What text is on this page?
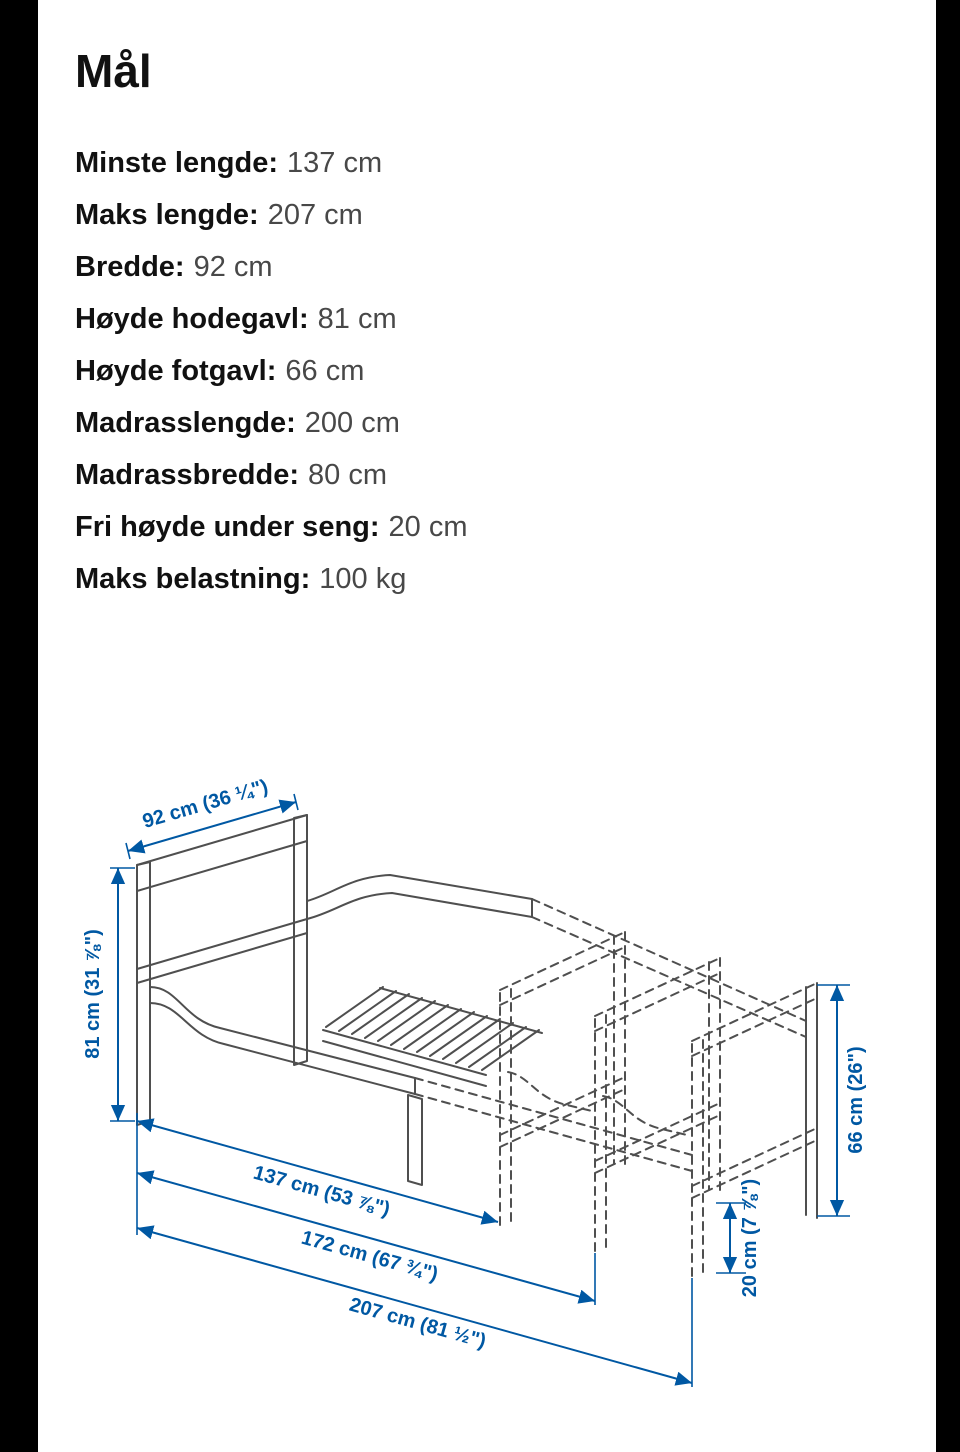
Mål
Minste lengde: 137 cm
Maks lengde: 207 cm
Bredde: 92 cm
Høyde hodegavl: 81 cm
Høyde fotgavl: 66 cm
Madrasslengde: 200 cm
Madrassbredde: 80 cm
Fri høyde under seng: 20 cm
Maks belastning: 100 kg
92 cm (36 ¼")
81 cm (31 ⅞")
66 cm (26")
20 cm (7 ⅞")
137 cm (53 ⅞")
172 cm (67 ¾")
207 cm (81 ½")
